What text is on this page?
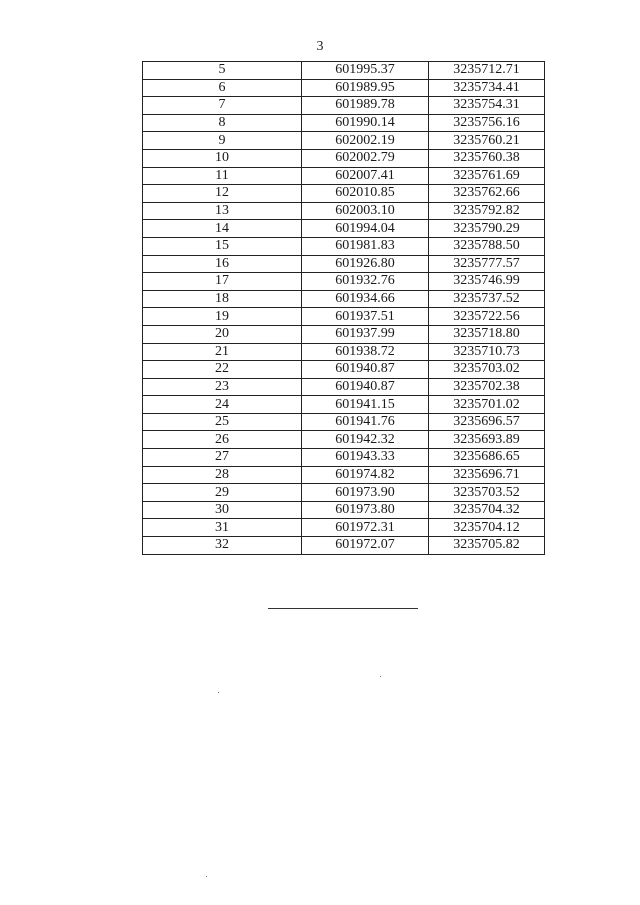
3
5	601995.37	3235712.71
6	601989.95	3235734.41
7	601989.78	3235754.31
8	601990.14	3235756.16
9	602002.19	3235760.21
10	602002.79	3235760.38
11	602007.41	3235761.69
12	602010.85	3235762.66
13	602003.10	3235792.82
14	601994.04	3235790.29
15	601981.83	3235788.50
16	601926.80	3235777.57
17	601932.76	3235746.99
18	601934.66	3235737.52
19	601937.51	3235722.56
20	601937.99	3235718.80
21	601938.72	3235710.73
22	601940.87	3235703.02
23	601940.87	3235702.38
24	601941.15	3235701.02
25	601941.76	3235696.57
26	601942.32	3235693.89
27	601943.33	3235686.65
28	601974.82	3235696.71
29	601973.90	3235703.52
30	601973.80	3235704.32
31	601972.31	3235704.12
32	601972.07	3235705.82
